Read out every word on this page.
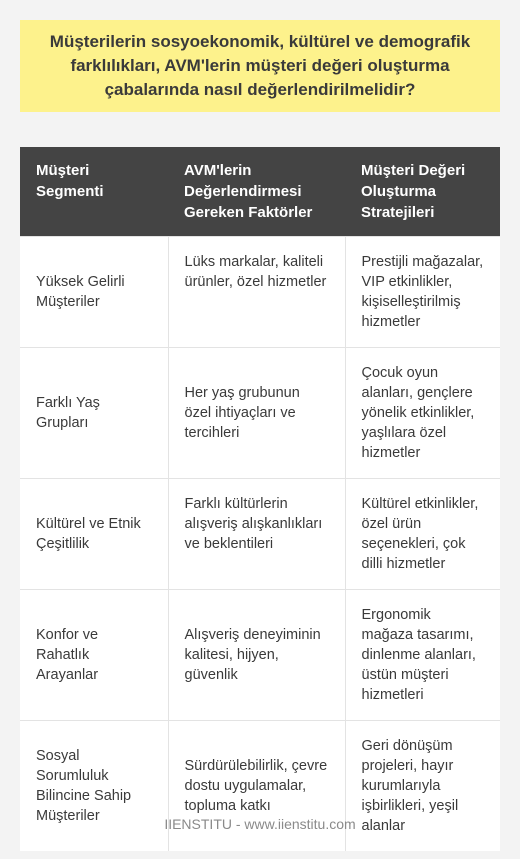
Müşterilerin sosyoekonomik, kültürel ve demografik farklılıkları, AVM'lerin müşteri değeri oluşturma çabalarında nasıl değerlendirilmelidir?
Müşteri Segmenti	AVM'lerin Değerlendirmesi Gereken Faktörler	Müşteri Değeri Oluşturma Stratejileri
Yüksek Gelirli Müşteriler	Lüks markalar, kaliteli ürünler, özel hizmetler	Prestijli mağazalar, VIP etkinlikler, kişiselleştirilmiş hizmetler
Farklı Yaş Grupları	Her yaş grubunun özel ihtiyaçları ve tercihleri	Çocuk oyun alanları, gençlere yönelik etkinlikler, yaşlılara özel hizmetler
Kültürel ve Etnik Çeşitlilik	Farklı kültürlerin alışveriş alışkanlıkları ve beklentileri	Kültürel etkinlikler, özel ürün seçenekleri, çok dilli hizmetler
Konfor ve Rahatlık Arayanlar	Alışveriş deneyiminin kalitesi, hijyen, güvenlik	Ergonomik mağaza tasarımı, dinlenme alanları, üstün müşteri hizmetleri
Sosyal Sorumluluk Bilincine Sahip Müşteriler	Sürdürülebilirlik, çevre dostu uygulamalar, topluma katkı	Geri dönüşüm projeleri, hayır kurumlarıyla işbirlikleri, yeşil alanlar
IIENSTITU - www.iienstitu.com
